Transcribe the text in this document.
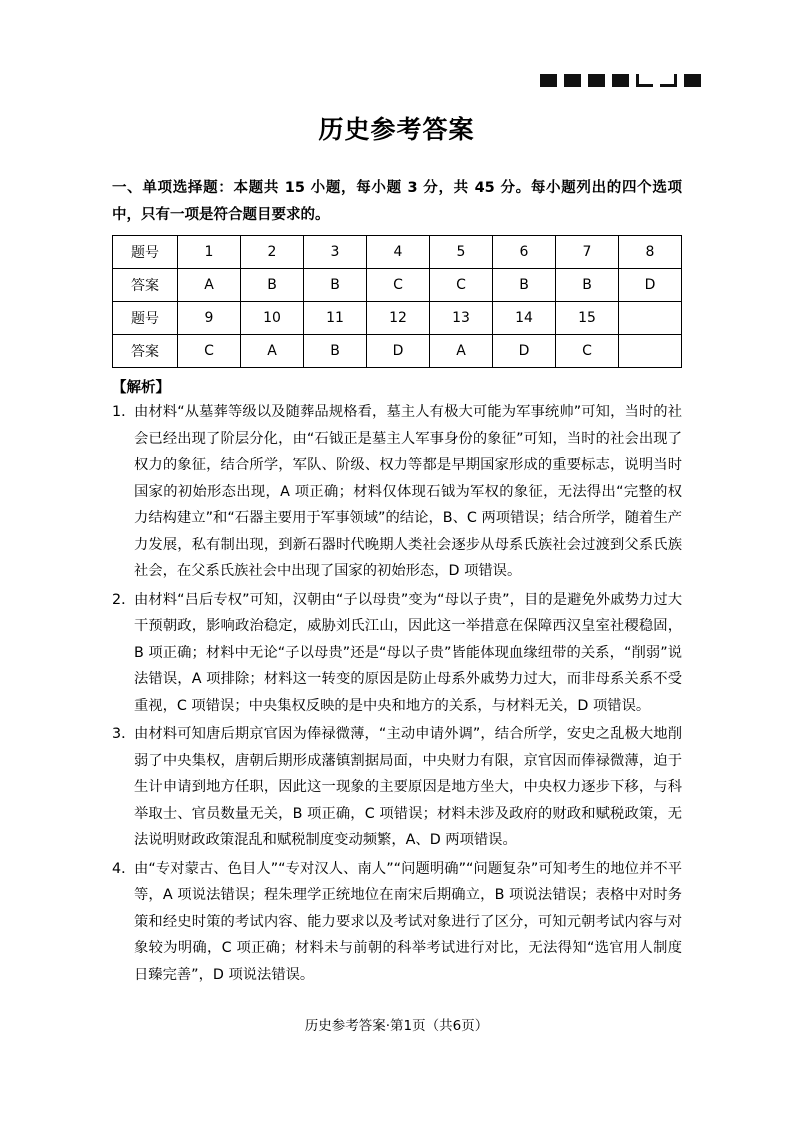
历史参考答案
一、单项选择题：本题共 15 小题，每小题 3 分，共 45 分。每小题列出的四个选项中，只有一项是符合题目要求的。
题号	1	2	3	4	5	6	7	8
答案	A	B	B	C	C	B	B	D
题号	9	10	11	12	13	14	15	
答案	C	A	B	D	A	D	C	
【解析】
1．
由材料“从墓葬等级以及随葬品规格看，墓主人有极大可能为军事统帅”可知，当时的社会已经出现了阶层分化，由“石钺正是墓主人军事身份的象征”可知，当时的社会出现了权力的象征，结合所学，军队、阶级、权力等都是早期国家形成的重要标志，说明当时国家的初始形态出现，A 项正确；材料仅体现石钺为军权的象征，无法得出“完整的权力结构建立”和“石器主要用于军事领域”的结论，B、C 两项错误；结合所学，随着生产力发展，私有制出现，到新石器时代晚期人类社会逐步从母系氏族社会过渡到父系氏族社会，在父系氏族社会中出现了国家的初始形态，D 项错误。
2．
由材料“吕后专权”可知，汉朝由“子以母贵”变为“母以子贵”，目的是避免外戚势力过大干预朝政，影响政治稳定，威胁刘氏江山，因此这一举措意在保障西汉皇室社稷稳固，B 项正确；材料中无论“子以母贵”还是“母以子贵”皆能体现血缘纽带的关系，“削弱”说法错误，A 项排除；材料这一转变的原因是防止母系外戚势力过大，而非母系关系不受重视，C 项错误；中央集权反映的是中央和地方的关系，与材料无关，D 项错误。
3．
由材料可知唐后期京官因为俸禄微薄，“主动申请外调”，结合所学，安史之乱极大地削弱了中央集权，唐朝后期形成藩镇割据局面，中央财力有限，京官因而俸禄微薄，迫于生计申请到地方任职，因此这一现象的主要原因是地方坐大，中央权力逐步下移，与科举取士、官员数量无关，B 项正确，C 项错误；材料未涉及政府的财政和赋税政策，无法说明财政政策混乱和赋税制度变动频繁，A、D 两项错误。
4．
由“专对蒙古、色目人”“专对汉人、南人”“问题明确”“问题复杂”可知考生的地位并不平等，A 项说法错误；程朱理学正统地位在南宋后期确立，B 项说法错误；表格中对时务策和经史时策的考试内容、能力要求以及考试对象进行了区分，可知元朝考试内容与对象较为明确，C 项正确；材料未与前朝的科举考试进行对比，无法得知“选官用人制度日臻完善”，D 项说法错误。
历史参考答案·第1页（共6页）
